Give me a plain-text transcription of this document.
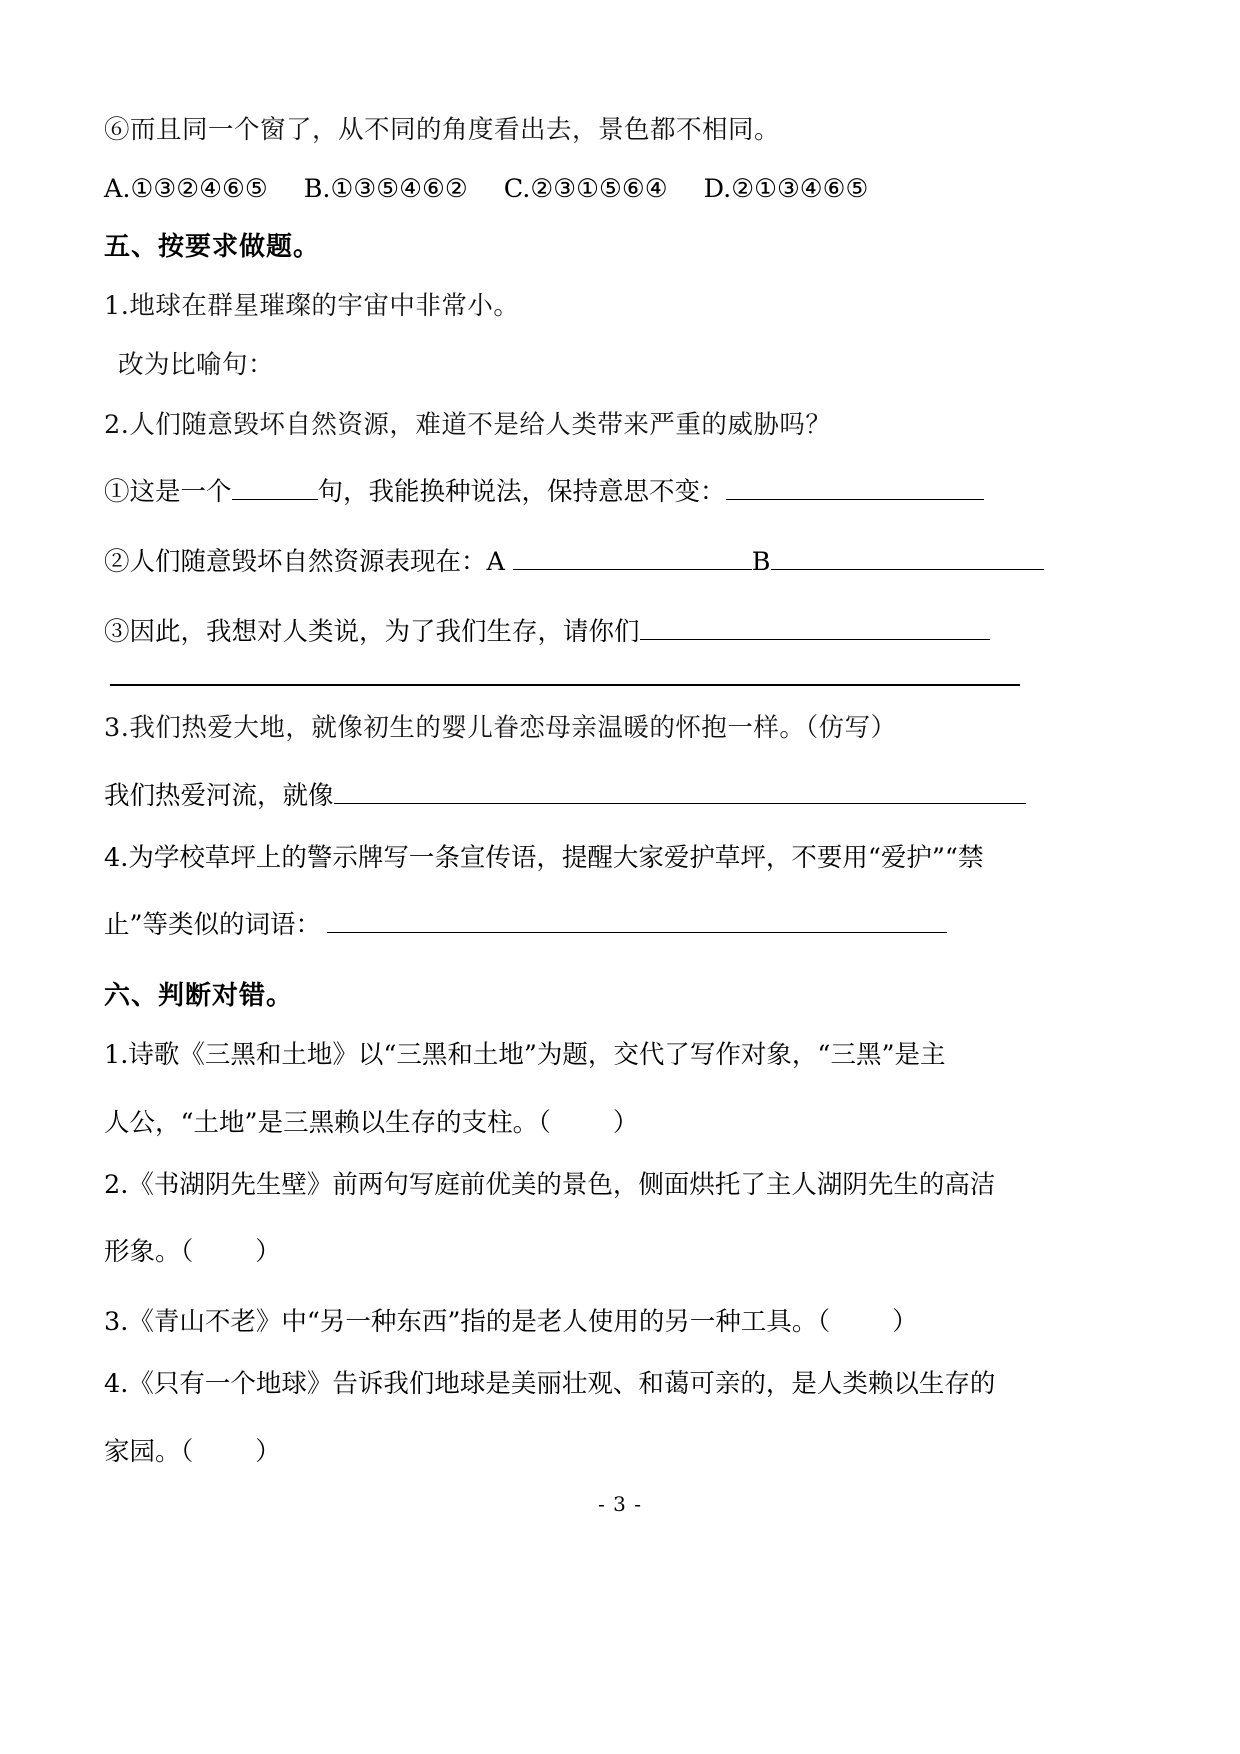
⑥而且同一个窗了，从不同的角度看出去，景色都不相同。
A.①③②④⑥⑤ B.①③⑤④⑥② C.②③①⑤⑥④ D.②①③④⑥⑤
五、按要求做题。
1.地球在群星璀璨的宇宙中非常小。
改为比喻句：
2.人们随意毁坏自然资源，难道不是给人类带来严重的威胁吗？
①这是一个	句，我能换种说法，保持意思不变：
②人们随意毁坏自然资源表现在：A	B
③因此，我想对人类说，为了我们生存，请你们
3.我们热爱大地，就像初生的婴儿眷恋母亲温暖的怀抱一样。（仿写）
我们热爱河流，就像
4.为学校草坪上的警示牌写一条宣传语，提醒大家爱护草坪，不要用“爱护”“禁
止”等类似的词语：
六、判断对错。
1.诗歌《三黑和土地》以“三黑和土地”为题，交代了写作对象，“三黑”是主
人公，“土地”是三黑赖以生存的支柱。（ ）
2.《书湖阴先生壁》前两句写庭前优美的景色，侧面烘托了主人湖阴先生的高洁
形象。（ ）
3.《青山不老》中“另一种东西”指的是老人使用的另一种工具。（ ）
4.《只有一个地球》告诉我们地球是美丽壮观、和蔼可亲的，是人类赖以生存的
家园。（ ）
- 3 -
